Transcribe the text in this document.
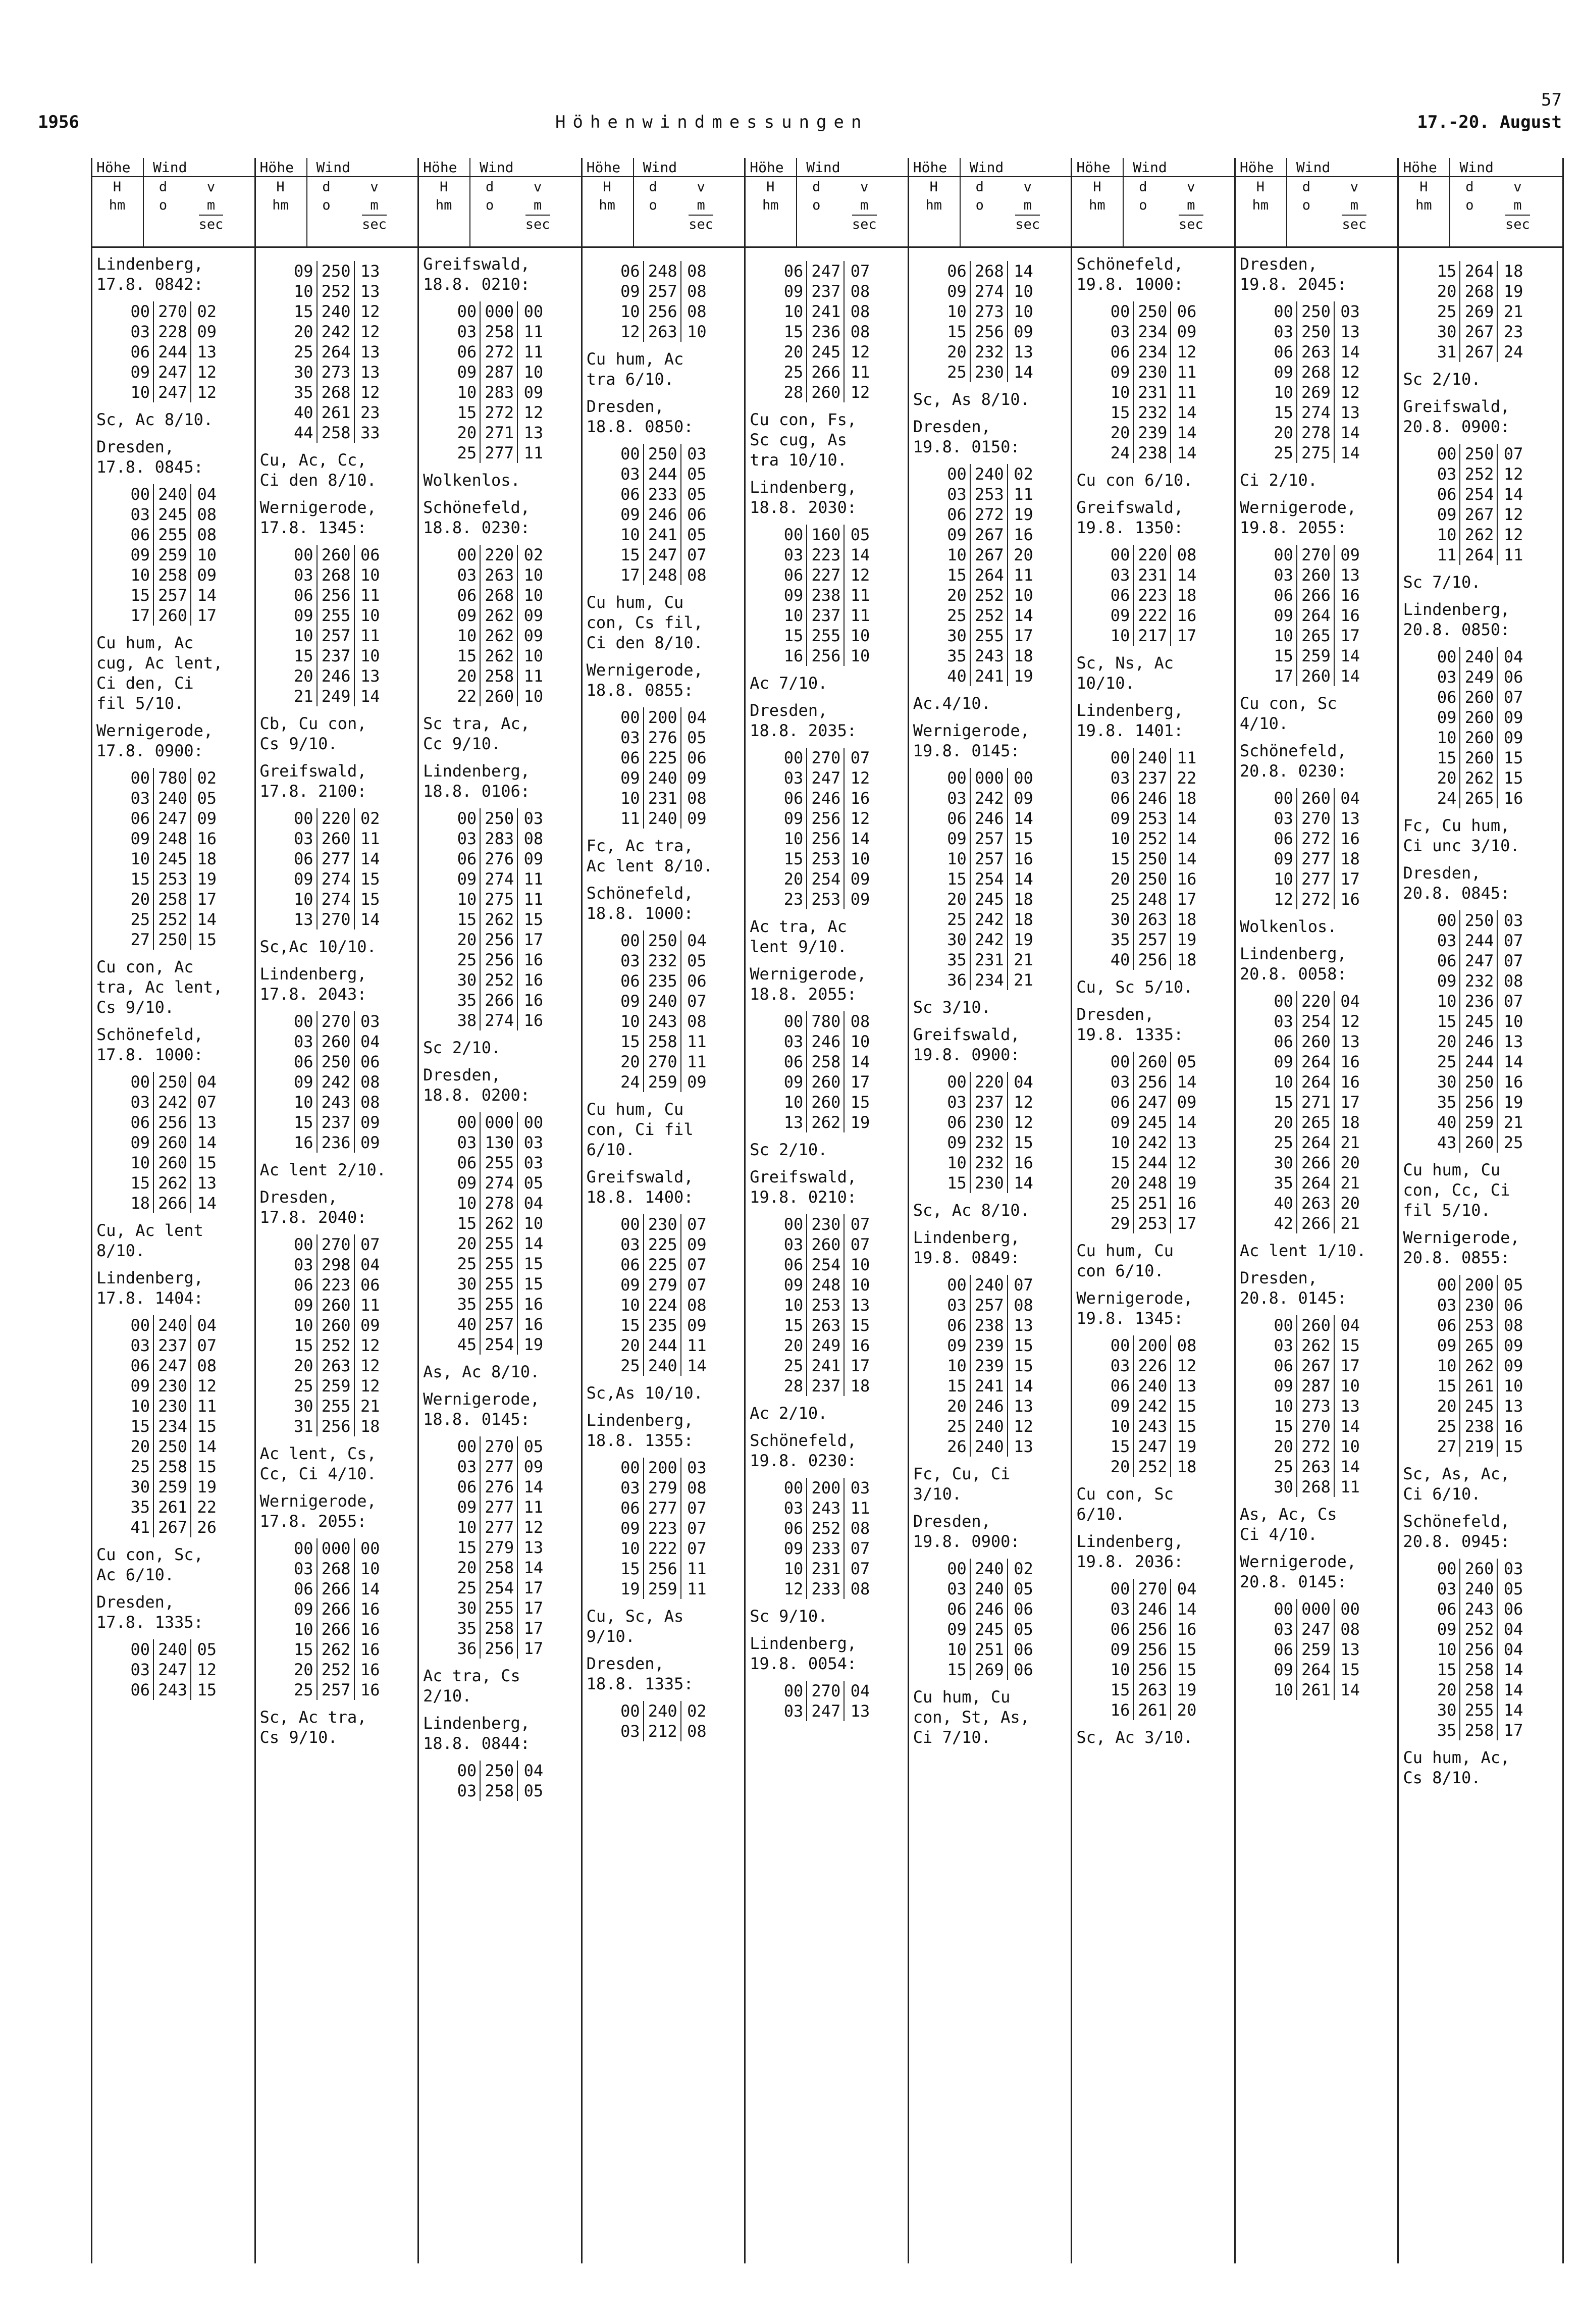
1956	Höhenwindmessungen
57
17.-20. August
Höhe Wind
H
hm
d
o
v
m
sec
Lindenberg,
17.8. 0842:
00	270	02
03	228	09
06	244	13
09	247	12
10	247	12
Sc, Ac 8/10.
Dresden,
17.8. 0845:
00	240	04
03	245	08
06	255	08
09	259	10
10	258	09
15	257	14
17	260	17
Cu hum, Ac
cug, Ac lent,
Ci den, Ci
fil 5/10.
Wernigerode,
17.8. 0900:
00	780	02
03	240	05
06	247	09
09	248	16
10	245	18
15	253	19
20	258	17
25	252	14
27	250	15
Cu con, Ac
tra, Ac lent,
Cs 9/10.
Schönefeld,
17.8. 1000:
00	250	04
03	242	07
06	256	13
09	260	14
10	260	15
15	262	13
18	266	14
Cu, Ac lent
8/10.
Lindenberg,
17.8. 1404:
00	240	04
03	237	07
06	247	08
09	230	12
10	230	11
15	234	15
20	250	14
25	258	15
30	259	19
35	261	22
41	267	26
Cu con, Sc,
Ac 6/10.
Dresden,
17.8. 1335:
00	240	05
03	247	12
06	243	15
Höhe Wind
H
hm
d
o
v
m
sec
09	250	13
10	252	13
15	240	12
20	242	12
25	264	13
30	273	13
35	268	12
40	261	23
44	258	33
Cu, Ac, Cc,
Ci den 8/10.
Wernigerode,
17.8. 1345:
00	260	06
03	268	10
06	256	11
09	255	10
10	257	11
15	237	10
20	246	13
21	249	14
Cb, Cu con,
Cs 9/10.
Greifswald,
17.8. 2100:
00	220	02
03	260	11
06	277	14
09	274	15
10	274	15
13	270	14
Sc,Ac 10/10.
Lindenberg,
17.8. 2043:
00	270	03
03	260	04
06	250	06
09	242	08
10	243	08
15	237	09
16	236	09
Ac lent 2/10.
Dresden,
17.8. 2040:
00	270	07
03	298	04
06	223	06
09	260	11
10	260	09
15	252	12
20	263	12
25	259	12
30	255	21
31	256	18
Ac lent, Cs,
Cc, Ci 4/10.
Wernigerode,
17.8. 2055:
00	000	00
03	268	10
06	266	14
09	266	16
10	266	16
15	262	16
20	252	16
25	257	16
Sc, Ac tra,
Cs 9/10.
Höhe Wind
H
hm
d
o
v
m
sec
Greifswald,
18.8. 0210:
00	000	00
03	258	11
06	272	11
09	287	10
10	283	09
15	272	12
20	271	13
25	277	11
Wolkenlos.
Schönefeld,
18.8. 0230:
00	220	02
03	263	10
06	268	10
09	262	09
10	262	09
15	262	10
20	258	11
22	260	10
Sc tra, Ac,
Cc 9/10.
Lindenberg,
18.8. 0106:
00	250	03
03	283	08
06	276	09
09	274	11
10	275	11
15	262	15
20	256	17
25	256	16
30	252	16
35	266	16
38	274	16
Sc 2/10.
Dresden,
18.8. 0200:
00	000	00
03	130	03
06	255	03
09	274	05
10	278	04
15	262	10
20	255	14
25	255	15
30	255	15
35	255	16
40	257	16
45	254	19
As, Ac 8/10.
Wernigerode,
18.8. 0145:
00	270	05
03	277	09
06	276	14
09	277	11
10	277	12
15	279	13
20	258	14
25	254	17
30	255	17
35	258	17
36	256	17
Ac tra, Cs
2/10.
Lindenberg,
18.8. 0844:
00	250	04
03	258	05
Höhe Wind
H
hm
d
o
v
m
sec
06	248	08
09	257	08
10	256	08
12	263	10
Cu hum, Ac
tra 6/10.
Dresden,
18.8. 0850:
00	250	03
03	244	05
06	233	05
09	246	06
10	241	05
15	247	07
17	248	08
Cu hum, Cu
con, Cs fil,
Ci den 8/10.
Wernigerode,
18.8. 0855:
00	200	04
03	276	05
06	225	06
09	240	09
10	231	08
11	240	09
Fc, Ac tra,
Ac lent 8/10.
Schönefeld,
18.8. 1000:
00	250	04
03	232	05
06	235	06
09	240	07
10	243	08
15	258	11
20	270	11
24	259	09
Cu hum, Cu
con, Ci fil
6/10.
Greifswald,
18.8. 1400:
00	230	07
03	225	09
06	225	07
09	279	07
10	224	08
15	235	09
20	244	11
25	240	14
Sc,As 10/10.
Lindenberg,
18.8. 1355:
00	200	03
03	279	08
06	277	07
09	223	07
10	222	07
15	256	11
19	259	11
Cu, Sc, As
9/10.
Dresden,
18.8. 1335:
00	240	02
03	212	08
Höhe Wind
H
hm
d
o
v
m
sec
06	247	07
09	237	08
10	241	08
15	236	08
20	245	12
25	266	11
28	260	12
Cu con, Fs,
Sc cug, As
tra 10/10.
Lindenberg,
18.8. 2030:
00	160	05
03	223	14
06	227	12
09	238	11
10	237	11
15	255	10
16	256	10
Ac 7/10.
Dresden,
18.8. 2035:
00	270	07
03	247	12
06	246	16
09	256	12
10	256	14
15	253	10
20	254	09
23	253	09
Ac tra, Ac
lent 9/10.
Wernigerode,
18.8. 2055:
00	780	08
03	246	10
06	258	14
09	260	17
10	260	15
13	262	19
Sc 2/10.
Greifswald,
19.8. 0210:
00	230	07
03	260	07
06	254	10
09	248	10
10	253	13
15	263	15
20	249	16
25	241	17
28	237	18
Ac 2/10.
Schönefeld,
19.8. 0230:
00	200	03
03	243	11
06	252	08
09	233	07
10	231	07
12	233	08
Sc 9/10.
Lindenberg,
19.8. 0054:
00	270	04
03	247	13
Höhe Wind
H
hm
d
o
v
m
sec
06	268	14
09	274	10
10	273	10
15	256	09
20	232	13
25	230	14
Sc, As 8/10.
Dresden,
19.8. 0150:
00	240	02
03	253	11
06	272	19
09	267	16
10	267	20
15	264	11
20	252	10
25	252	14
30	255	17
35	243	18
40	241	19
Ac.4/10.
Wernigerode,
19.8. 0145:
00	000	00
03	242	09
06	246	14
09	257	15
10	257	16
15	254	14
20	245	18
25	242	18
30	242	19
35	231	21
36	234	21
Sc 3/10.
Greifswald,
19.8. 0900:
00	220	04
03	237	12
06	230	12
09	232	15
10	232	16
15	230	14
Sc, Ac 8/10.
Lindenberg,
19.8. 0849:
00	240	07
03	257	08
06	238	13
09	239	15
10	239	15
15	241	14
20	246	13
25	240	12
26	240	13
Fc, Cu, Ci
3/10.
Dresden,
19.8. 0900:
00	240	02
03	240	05
06	246	06
09	245	05
10	251	06
15	269	06
Cu hum, Cu
con, St, As,
Ci 7/10.
Höhe Wind
H
hm
d
o
v
m
sec
Schönefeld,
19.8. 1000:
00	250	06
03	234	09
06	234	12
09	230	11
10	231	11
15	232	14
20	239	14
24	238	14
Cu con 6/10.
Greifswald,
19.8. 1350:
00	220	08
03	231	14
06	223	18
09	222	16
10	217	17
Sc, Ns, Ac
10/10.
Lindenberg,
19.8. 1401:
00	240	11
03	237	22
06	246	18
09	253	14
10	252	14
15	250	14
20	250	16
25	248	17
30	263	18
35	257	19
40	256	18
Cu, Sc 5/10.
Dresden,
19.8. 1335:
00	260	05
03	256	14
06	247	09
09	245	14
10	242	13
15	244	12
20	248	19
25	251	16
29	253	17
Cu hum, Cu
con 6/10.
Wernigerode,
19.8. 1345:
00	200	08
03	226	12
06	240	13
09	242	15
10	243	15
15	247	19
20	252	18
Cu con, Sc
6/10.
Lindenberg,
19.8. 2036:
00	270	04
03	246	14
06	256	16
09	256	15
10	256	15
15	263	19
16	261	20
Sc, Ac 3/10.
Höhe Wind
H
hm
d
o
v
m
sec
Dresden,
19.8. 2045:
00	250	03
03	250	13
06	263	14
09	268	12
10	269	12
15	274	13
20	278	14
25	275	14
Ci 2/10.
Wernigerode,
19.8. 2055:
00	270	09
03	260	13
06	266	16
09	264	16
10	265	17
15	259	14
17	260	14
Cu con, Sc
4/10.
Schönefeld,
20.8. 0230:
00	260	04
03	270	13
06	272	16
09	277	18
10	277	17
12	272	16
Wolkenlos.
Lindenberg,
20.8. 0058:
00	220	04
03	254	12
06	260	13
09	264	16
10	264	16
15	271	17
20	265	18
25	264	21
30	266	20
35	264	21
40	263	20
42	266	21
Ac lent 1/10.
Dresden,
20.8. 0145:
00	260	04
03	262	15
06	267	17
09	287	10
10	273	13
15	270	14
20	272	10
25	263	14
30	268	11
As, Ac, Cs
Ci 4/10.
Wernigerode,
20.8. 0145:
00	000	00
03	247	08
06	259	13
09	264	15
10	261	14
Höhe Wind
H
hm
d
o
v
m
sec
15	264	18
20	268	19
25	269	21
30	267	23
31	267	24
Sc 2/10.
Greifswald,
20.8. 0900:
00	250	07
03	252	12
06	254	14
09	267	12
10	262	12
11	264	11
Sc 7/10.
Lindenberg,
20.8. 0850:
00	240	04
03	249	06
06	260	07
09	260	09
10	260	09
15	260	15
20	262	15
24	265	16
Fc, Cu hum,
Ci unc 3/10.
Dresden,
20.8. 0845:
00	250	03
03	244	07
06	247	07
09	232	08
10	236	07
15	245	10
20	246	13
25	244	14
30	250	16
35	256	19
40	259	21
43	260	25
Cu hum, Cu
con, Cc, Ci
fil 5/10.
Wernigerode,
20.8. 0855:
00	200	05
03	230	06
06	253	08
09	265	09
10	262	09
15	261	10
20	245	13
25	238	16
27	219	15
Sc, As, Ac,
Ci 6/10.
Schönefeld,
20.8. 0945:
00	260	03
03	240	05
06	243	06
09	252	04
10	256	04
15	258	14
20	258	14
30	255	14
35	258	17
Cu hum, Ac,
Cs 8/10.
